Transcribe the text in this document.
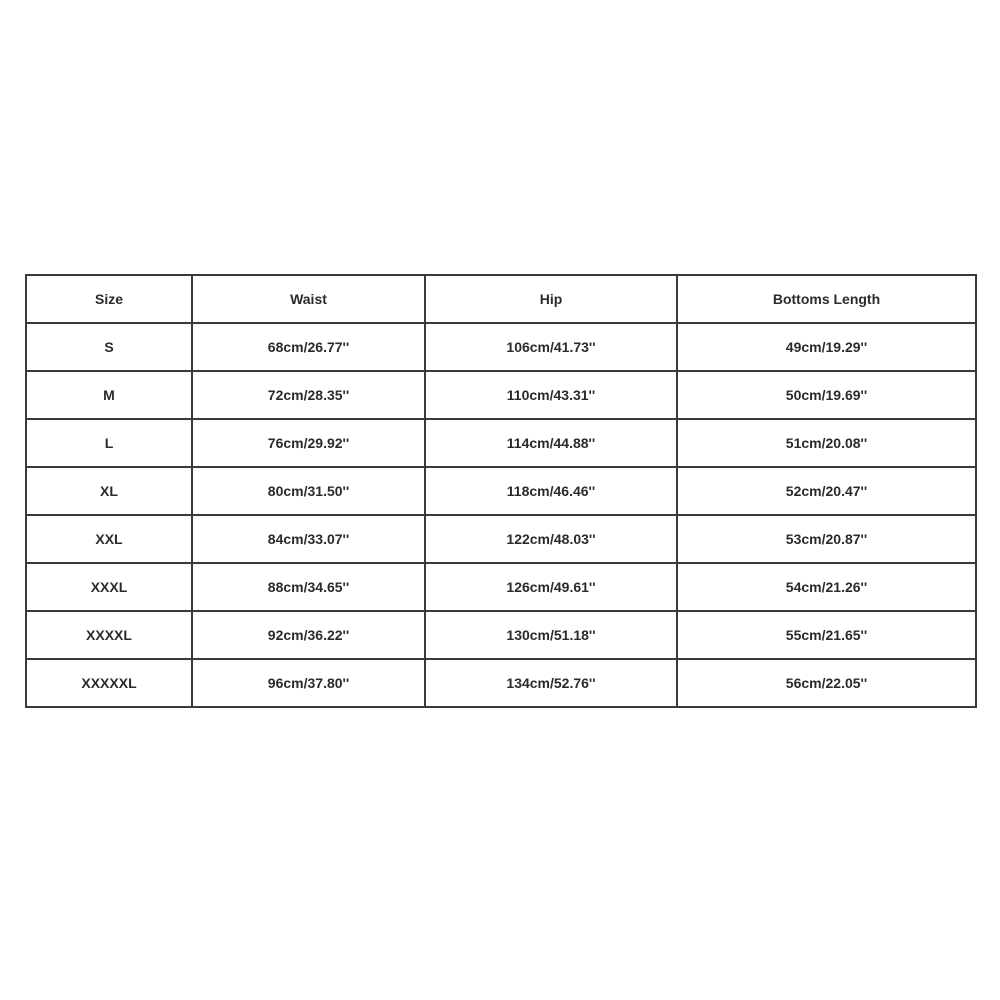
Size	Waist	Hip	Bottoms Length
S	68cm/26.77''	106cm/41.73''	49cm/19.29''
M	72cm/28.35''	110cm/43.31''	50cm/19.69''
L	76cm/29.92''	114cm/44.88''	51cm/20.08''
XL	80cm/31.50''	118cm/46.46''	52cm/20.47''
XXL	84cm/33.07''	122cm/48.03''	53cm/20.87''
XXXL	88cm/34.65''	126cm/49.61''	54cm/21.26''
XXXXL	92cm/36.22''	130cm/51.18''	55cm/21.65''
XXXXXL	96cm/37.80''	134cm/52.76''	56cm/22.05''
